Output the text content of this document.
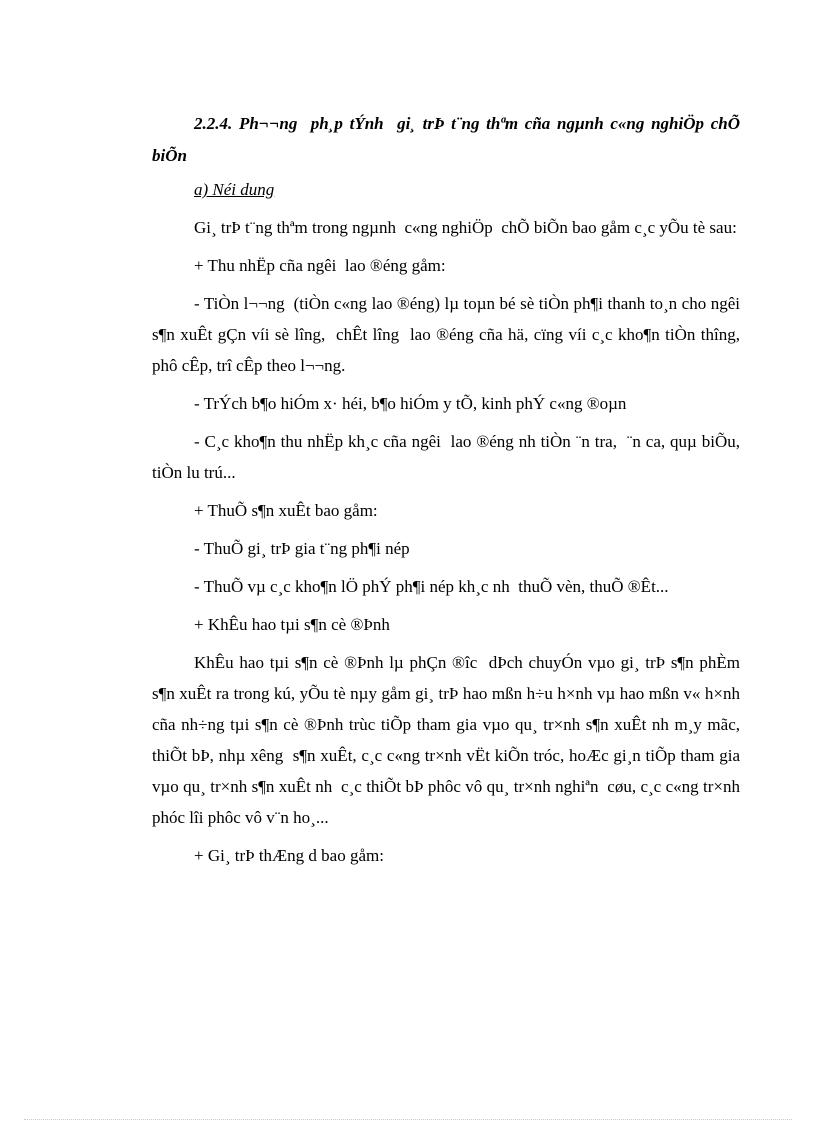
2.2.4. Ph¬¬ng  ph¸p tÝnh  gi¸ trÞ t¨ng thªm cña ngµnh c«ng nghiÖp chÕ biÕn

a) Néi dung

Gi¸ trÞ t¨ng thªm trong ngµnh  c«ng nghiÖp  chÕ biÕn bao gåm c¸c yÕu tè sau:

+ Thu nhËp cña ngêi  lao ®éng gåm:

- TiÒn l¬¬ng  (tiÒn c«ng lao ®éng) lµ toµn bé sè tiÒn ph¶i thanh to¸n cho ngêi  s¶n xuÊt gÇn víi sè lîng,  chÊt lîng  lao ®éng cña hä, cïng víi c¸c kho¶n tiÒn thîng,  phô cÊp, trî cÊp theo l¬¬ng.

- TrÝch b¶o hiÓm x· héi, b¶o hiÓm y tÕ, kinh phÝ c«ng ®oµn

- C¸c kho¶n thu nhËp kh¸c cña ngêi  lao ®éng nh tiÒn ¨n tra,  ¨n ca, quµ biÕu, tiÒn lu trú...

+ ThuÕ s¶n xuÊt bao gåm:

- ThuÕ gi¸ trÞ gia t¨ng ph¶i nép

- ThuÕ vµ c¸c kho¶n lÖ phÝ ph¶i nép kh¸c nh  thuÕ vèn, thuÕ ®Êt...

+ KhÊu hao tµi s¶n cè ®Þnh

KhÊu hao tµi s¶n cè ®Þnh lµ phÇn ®îc  dÞch chuyÓn vµo gi¸ trÞ s¶n phÈm s¶n xuÊt ra trong kú, yÕu tè nµy gåm gi¸ trÞ hao mßn h÷u h×nh vµ hao mßn v« h×nh cña nh÷ng tµi s¶n cè ®Þnh trùc tiÕp tham gia vµo qu¸ tr×nh s¶n xuÊt nh m¸y mãc, thiÕt bÞ, nhµ xêng  s¶n xuÊt, c¸c c«ng tr×nh vËt kiÕn tróc, hoÆc gi¸n tiÕp tham gia vµo qu¸ tr×nh s¶n xuÊt nh  c¸c thiÕt bÞ phôc vô qu¸ tr×nh nghiªn  cøu, c¸c c«ng tr×nh phóc lîi phôc vô v¨n ho¸...

+ Gi¸ trÞ thÆng d bao gåm:
